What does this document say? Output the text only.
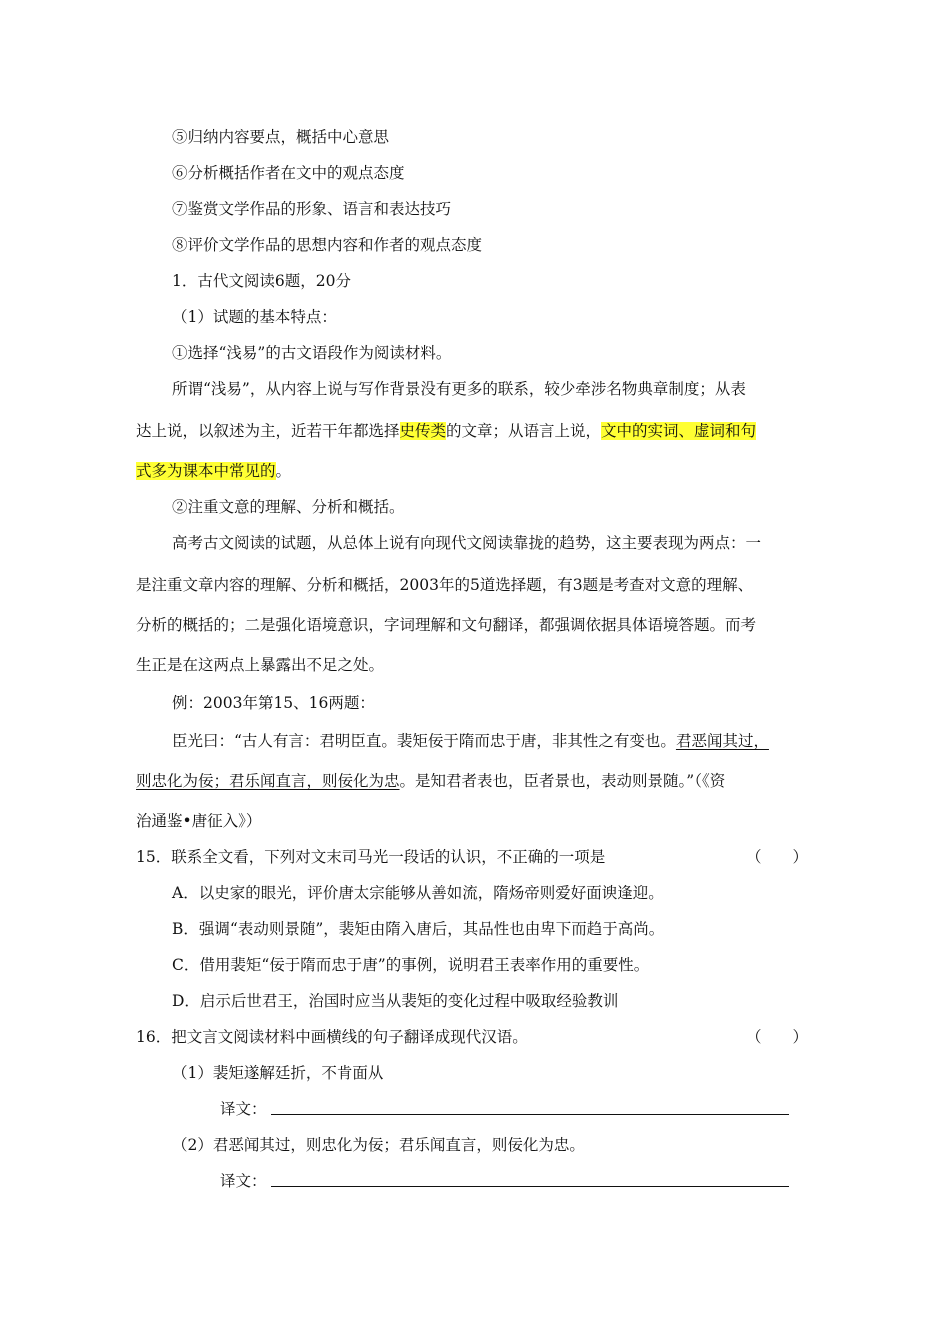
⑤归纳内容要点，概括中心意思
⑥分析概括作者在文中的观点态度
⑦鉴赏文学作品的形象、语言和表达技巧
⑧评价文学作品的思想内容和作者的观点态度
1．古代文阅读6题，20分
（1）试题的基本特点：
①选择“浅易”的古文语段作为阅读材料。
所谓“浅易”，从内容上说与写作背景没有更多的联系，较少牵涉名物典章制度；从表
达上说，以叙述为主，近若干年都选择史传类的文章；从语言上说，文中的实词、虚词和句
式多为课本中常见的。
②注重文意的理解、分析和概括。
高考古文阅读的试题，从总体上说有向现代文阅读靠拢的趋势，这主要表现为两点：一
是注重文章内容的理解、分析和概括，2003年的5道选择题，有3题是考查对文意的理解、
分析的概括的；二是强化语境意识，字词理解和文句翻译，都强调依据具体语境答题。而考
生正是在这两点上暴露出不足之处。
例：2003年第15、16两题：
臣光曰：“古人有言：君明臣直。裴矩佞于隋而忠于唐，非其性之有变也。君恶闻其过，
则忠化为佞；君乐闻直言，则佞化为忠。是知君者表也，臣者景也，表动则景随。”（《资
治通鉴•唐征入》）
15．联系全文看，下列对文末司马光一段话的认识，不正确的一项是	（　　）
A．以史家的眼光，评价唐太宗能够从善如流，隋炀帝则爱好面谀逢迎。
B．强调“表动则景随”，裴矩由隋入唐后，其品性也由卑下而趋于高尚。
C．借用裴矩“佞于隋而忠于唐”的事例，说明君王表率作用的重要性。
D．启示后世君王，治国时应当从裴矩的变化过程中吸取经验教训
16．把文言文阅读材料中画横线的句子翻译成现代汉语。	（　　）
（1）裴矩遂解廷折，不肯面从
译文：
（2）君恶闻其过，则忠化为佞；君乐闻直言，则佞化为忠。
译文：
